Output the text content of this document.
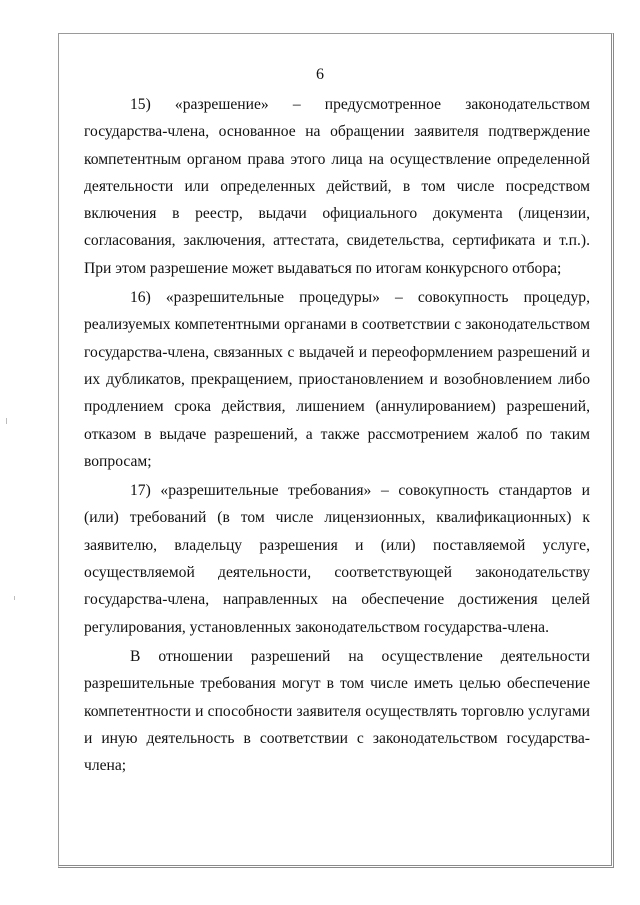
6

15) «разрешение» – предусмотренное законодательством государства-члена, основанное на обращении заявителя подтверждение компетентным органом права этого лица на осуществление определенной деятельности или определенных действий, в том числе посредством включения в реестр, выдачи официального документа (лицензии, согласования, заключения, аттестата, свидетельства, сертификата и т.п.). При этом разрешение может выдаваться по итогам конкурсного отбора;

16) «разрешительные процедуры» – совокупность процедур, реализуемых компетентными органами в соответствии с законодательством государства-члена, связанных с выдачей и переоформлением разрешений и их дубликатов, прекращением, приостановлением и возобновлением либо продлением срока действия, лишением (аннулированием) разрешений, отказом в выдаче разрешений, а также рассмотрением жалоб по таким вопросам;

17) «разрешительные требования» – совокупность стандартов и (или) требований (в том числе лицензионных, квалификационных) к заявителю, владельцу разрешения и (или) поставляемой услуге, осуществляемой деятельности, соответствующей законодательству государства-члена, направленных на обеспечение достижения целей регулирования, установленных законодательством государства-члена.

В отношении разрешений на осуществление деятельности разрешительные требования могут в том числе иметь целью обеспечение компетентности и способности заявителя осуществлять торговлю услугами и иную деятельность в соответствии с законодательством государства-члена;
